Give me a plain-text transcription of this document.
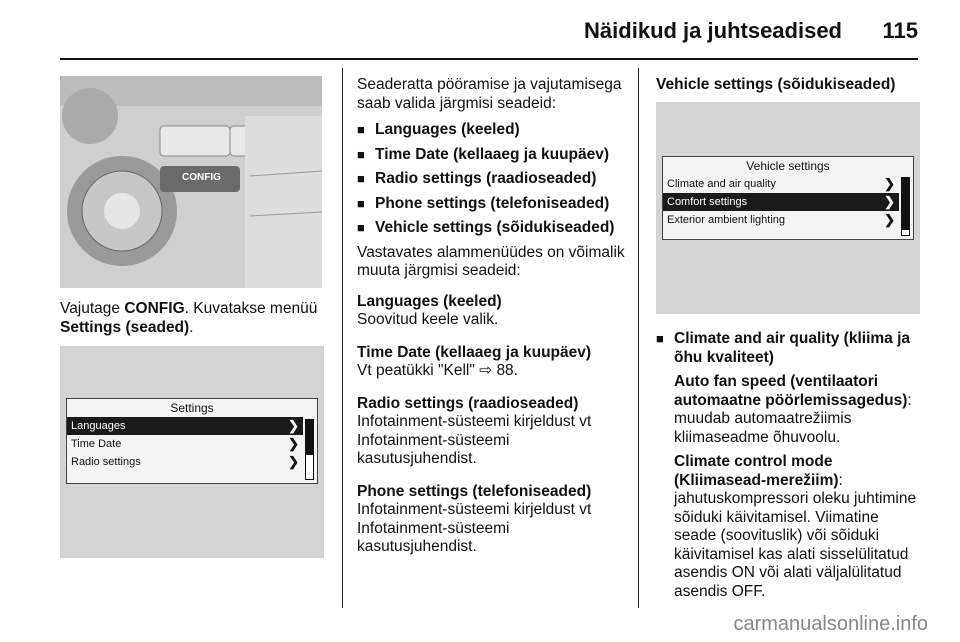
Näidikud ja juhtseadised 115
CONFIG

Vajutage CONFIG. Kuvatakse menüü Settings (seaded).

Settings
Languages	❯
Time Date	❯
Radio settings	❯

Seaderatta pööramise ja vajutamisega saab valida järgmisi seadeid:

■ Languages (keeled)
■ Time Date (kellaaeg ja kuupäev)
■ Radio settings (raadioseaded)
■ Phone settings (telefoniseaded)
■ Vehicle settings (sõidukiseaded)

Vastavates alammenüüdes on võimalik muuta järgmisi seadeid:

Languages (keeled)

Soovitud keele valik.

Time Date (kellaaeg ja kuupäev)

Vt peatükki "Kell" ⇨ 88.

Radio settings (raadioseaded)

Infotainment-süsteemi kirjeldust vt Infotainment-süsteemi kasutusjuhendist.

Phone settings (telefoniseaded)

Infotainment-süsteemi kirjeldust vt Infotainment-süsteemi kasutusjuhendist.

Vehicle settings (sõidukiseaded)

Vehicle settings
Climate and air quality	❯
Comfort settings	❯
Exterior ambient lighting	❯
■ Climate and air quality (kliima ja õhu kvaliteet)

Auto fan speed (ventilaatori automaatne pöörlemissagedus): muudab automaatrežiimis kliimaseadme õhuvoolu.

Climate control mode (Kliimasead-merežiim): jahutuskompressori oleku juhtimine sõiduki käivitamisel. Viimatine seade (soovituslik) või sõiduki käivitamisel kas alati sisselülitatud asendis ON või alati väljalülitatud asendis OFF.

carmanualsonline.info
